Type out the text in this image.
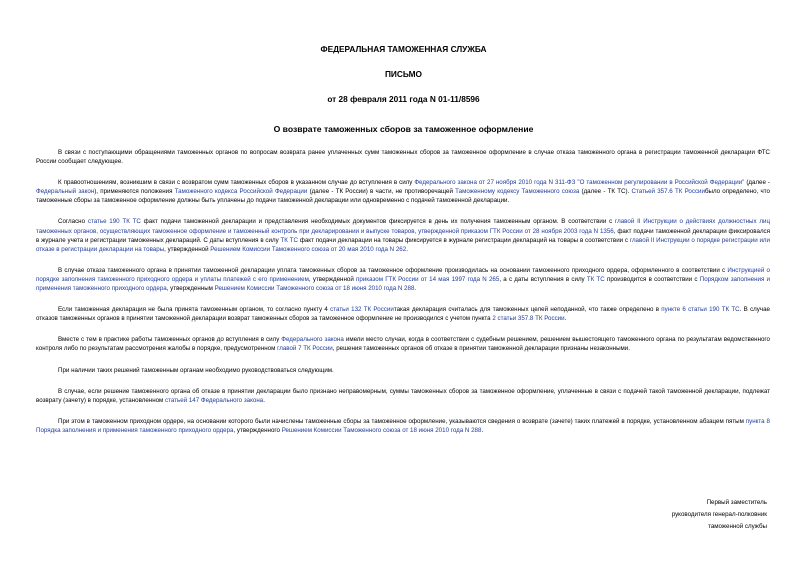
ФЕДЕРАЛЬНАЯ ТАМОЖЕННАЯ СЛУЖБА
ПИСЬМО
от 28 февраля 2011 года N 01-11/8596
О возврате таможенных сборов за таможенное оформление

В связи с поступающими обращениями таможенных органов по вопросам возврата ранее уплаченных сумм таможенных сборов за таможенное оформление в случае отказа таможенного органа в регистрации таможенной декларации ФТС России сообщает следующее.

К правоотношениям, возникшим в связи с возвратом сумм таможенных сборов в указанном случае до вступления в силу Федерального закона от 27 ноября 2010 года N 311-ФЗ "О таможенном регулировании в Российской Федерации" (далее - Федеральный закон), применяются положения Таможенного кодекса Российской Федерации (далее - ТК России) в части, не противоречащей Таможенному кодексу Таможенного союза (далее - ТК ТС). Статьей 357.6 ТК Россиибыло определено, что таможенные сборы за таможенное оформление должны быть уплачены до подачи таможенной декларации или одновременно с подачей таможенной декларации.

Согласно статье 190 ТК ТС факт подачи таможенной декларации и представления необходимых документов фиксируется в день их получения таможенным органом. В соответствии с главой II Инструкции о действиях должностных лиц таможенных органов, осуществляющих таможенное оформление и таможенный контроль при декларировании и выпуске товаров, утвержденной приказом ГТК России от 28 ноября 2003 года N 1356, факт подачи таможенной декларации фиксировался в журнале учета и регистрации таможенных деклараций. С даты вступления в силу ТК ТС факт подачи декларации на товары фиксируется в журнале регистрации деклараций на товары в соответствии с главой II Инструкции о порядке регистрации или отказе в регистрации декларации на товары, утвержденной Решением Комиссии Таможенного союза от 20 мая 2010 года N 262.

В случае отказа таможенного органа в принятии таможенной декларации уплата таможенных сборов за таможенное оформление производилась на основании таможенного приходного ордера, оформленного в соответствии с Инструкцией о порядке заполнения таможенного приходного ордера и уплаты платежей с его применением, утвержденной приказом ГТК России от 14 мая 1997 года N 265, а с даты вступления в силу ТК ТС производится в соответствии с Порядком заполнения и применения таможенного приходного ордера, утвержденным Решением Комиссии Таможенного союза от 18 июня 2010 года N 288.

Если таможенная декларация не была принята таможенным органом, то согласно пункту 4 статьи 132 ТК Россиитакая декларация считалась для таможенных целей неподанной, что также определено в пункте 6 статьи 190 ТК ТС. В случае отказов таможенных органов в принятии таможенной декларации возврат таможенных сборов за таможенное оформление не производился с учетом пункта 2 статьи 357.8 ТК России.

Вместе с тем в практике работы таможенных органов до вступления в силу Федерального закона имели место случаи, когда в соответствии с судебным решением, решением вышестоящего таможенного органа по результатам ведомственного контроля либо по результатам рассмотрения жалобы в порядке, предусмотренном главой 7 ТК России, решения таможенных органов об отказе в принятии таможенной декларации признаны незаконными.

При наличии таких решений таможенным органам необходимо руководствоваться следующим.

В случае, если решение таможенного органа об отказе в принятии декларации было признано неправомерным, суммы таможенных сборов за таможенное оформление, уплаченные в связи с подачей такой таможенной декларации, подлежат возврату (зачету) в порядке, установленном статьей 147 Федерального закона.

При этом в таможенном приходном ордере, на основании которого были начислены таможенные сборы за таможенное оформление, указываются сведения о возврате (зачете) таких платежей в порядке, установленном абзацем пятым пункта 8 Порядка заполнения и применения таможенного приходного ордера, утвержденного Решением Комиссии Таможенного союза от 18 июня 2010 года N 288.

Первый заместитель
руководителя генерал-полковник
таможенной службы
